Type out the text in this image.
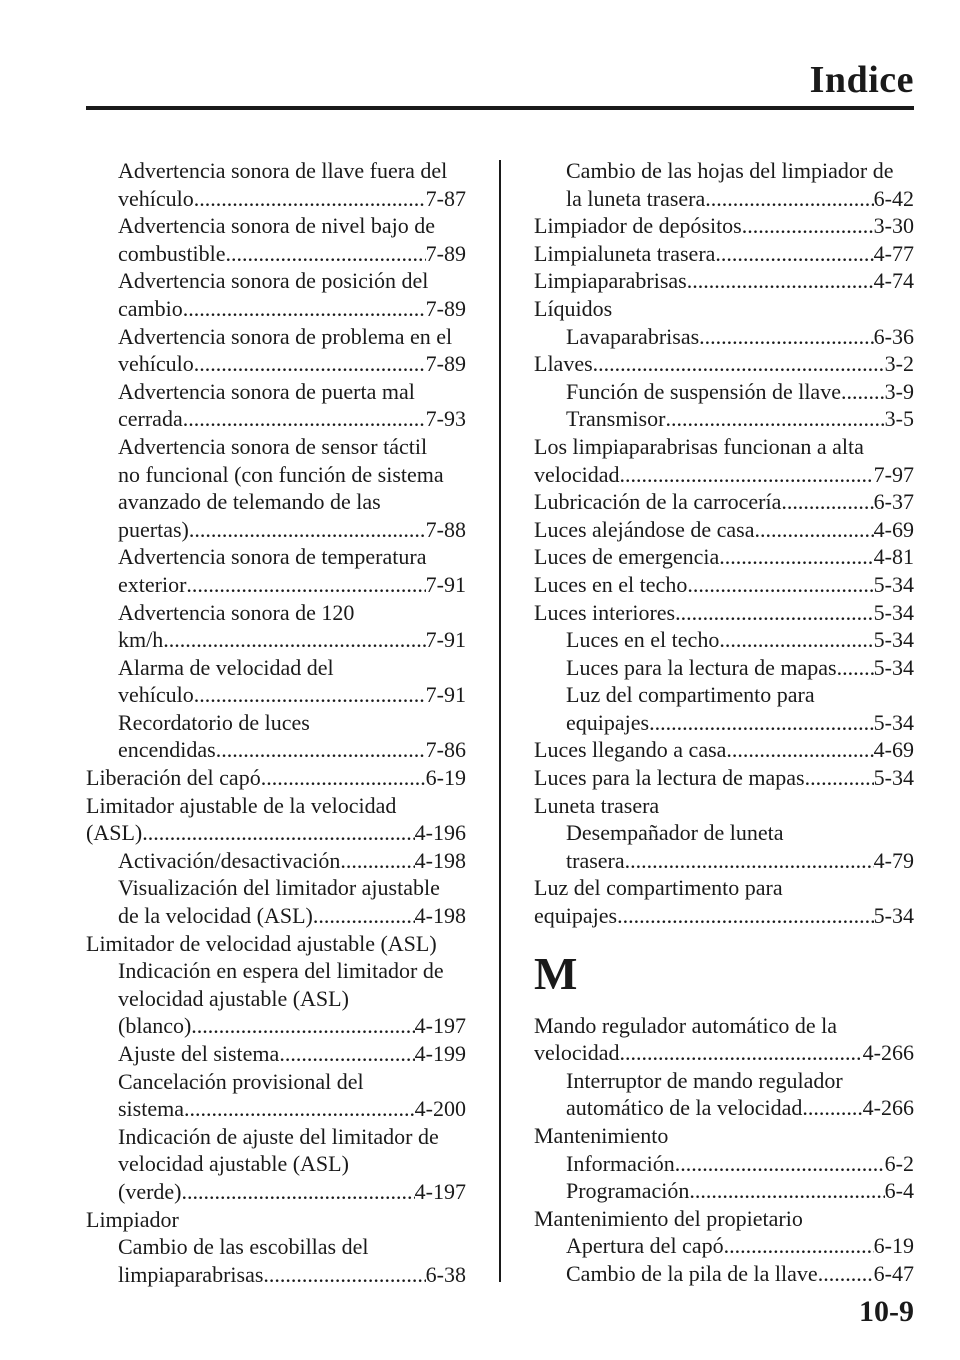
Indice
Advertencia sonora de llave fuera del
vehículo .....	7-87
Advertencia sonora de nivel bajo de
combustible .....	7-89
Advertencia sonora de posición del
cambio .....	7-89
Advertencia sonora de problema en el
vehículo .....	7-89
Advertencia sonora de puerta mal
cerrada .....	7-93
Advertencia sonora de sensor táctil
no funcional (con función de sistema
avanzado de telemando de las
puertas) .....	7-88
Advertencia sonora de temperatura
exterior .....	7-91
Advertencia sonora de 120
km/h .....	7-91
Alarma de velocidad del
vehículo .....	7-91
Recordatorio de luces
encendidas .....	7-86
Liberación del capó .....	6-19
Limitador ajustable de la velocidad
(ASL) .....	4-196
Activación/desactivación .....	4-198
Visualización del limitador ajustable
de la velocidad (ASL) .....	4-198
Limitador de velocidad ajustable (ASL)
Indicación en espera del limitador de
velocidad ajustable (ASL)
(blanco) .....	4-197
Ajuste del sistema .....	4-199
Cancelación provisional del
sistema .....	4-200
Indicación de ajuste del limitador de
velocidad ajustable (ASL)
(verde) .....	4-197
Limpiador
Cambio de las escobillas del
limpiaparabrisas .....	6-38
Cambio de las hojas del limpiador de
la luneta trasera .....	6-42
Limpiador de depósitos .....	3-30
Limpialuneta trasera .....	4-77
Limpiaparabrisas .....	4-74
Líquidos
Lavaparabrisas .....	6-36
Llaves .....	3-2
Función de suspensión de llave ..... 3-9
Transmisor .....	3-5
Los limpiaparabrisas funcionan a alta
velocidad .....	7-97
Lubricación de la carrocería .....	6-37
Luces alejándose de casa .....	4-69
Luces de emergencia .....	4-81
Luces en el techo .....	5-34
Luces interiores .....	5-34
Luces en el techo .....	5-34
Luces para la lectura de mapas ..... 5-34
Luz del compartimento para
equipajes .....	5-34
Luces llegando a casa .....	4-69
Luces para la lectura de mapas .....	5-34
Luneta trasera
Desempañador de luneta
trasera .....	4-79
Luz del compartimento para
equipajes .....	5-34
M
Mando regulador automático de la
velocidad .....	4-266
Interruptor de mando regulador
automático de la velocidad .....	4-266
Mantenimiento
Información .....	6-2
Programación .....	6-4
Mantenimiento del propietario
Apertura del capó .....	6-19
Cambio de la pila de la llave .....	6-47
10-9
